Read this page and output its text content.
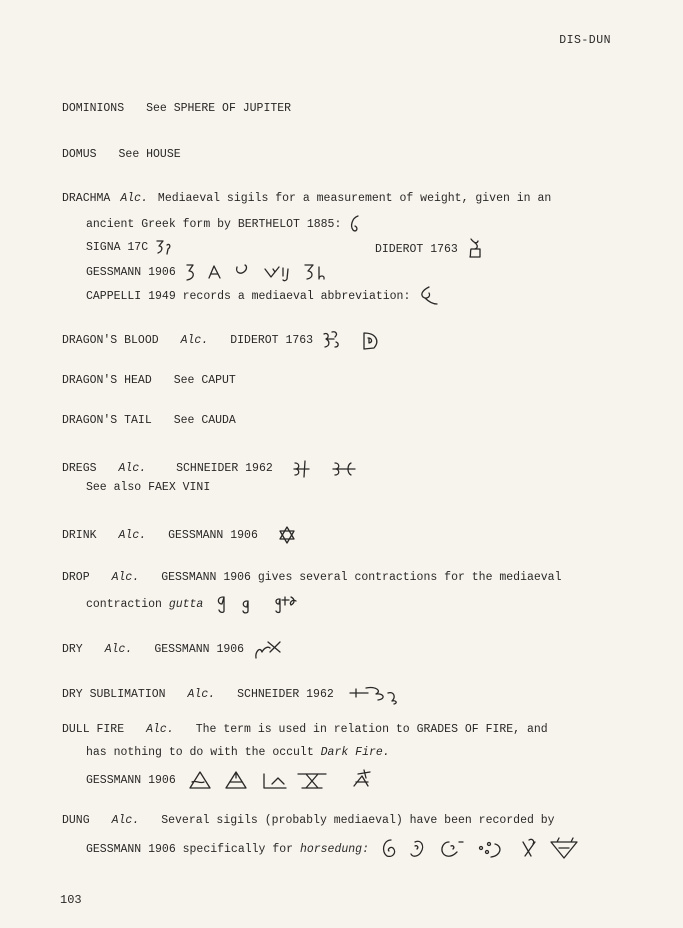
DIS-DUN
DOMINIONS See SPHERE OF JUPITER
DOMUS See HOUSE
DRACHMA Alc. Mediaeval sigils for a measurement of weight, given in an
ancient Greek form by BERTHELOT 1885:
SIGNA 17C	DIDEROT 1763
GESSMANN 1906
CAPPELLI 1949 records a mediaeval abbreviation:
DRAGON'S BLOOD Alc. DIDEROT 1763
DRAGON'S HEAD See CAPUT
DRAGON'S TAIL See CAUDA
DREGS Alc.	SCHNEIDER 1962
See also FAEX VINI
DRINK Alc. GESSMANN 1906
DROP Alc. GESSMANN 1906 gives several contractions for the mediaeval
contraction gutta
DRY Alc. GESSMANN 1906
DRY SUBLIMATION Alc. SCHNEIDER 1962
DULL FIRE Alc. The term is used in relation to GRADES OF FIRE, and
has nothing to do with the occult Dark Fire.
GESSMANN 1906
DUNG Alc. Several sigils (probably mediaeval) have been recorded by
GESSMANN 1906 specifically for horsedung:
103
